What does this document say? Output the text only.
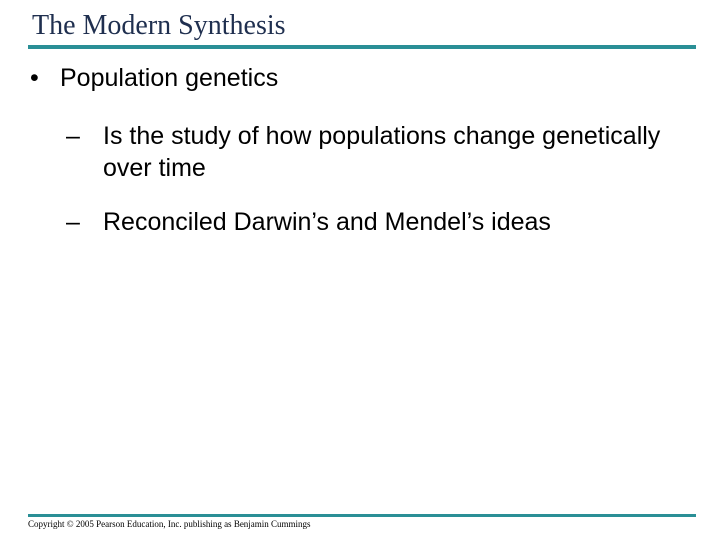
The Modern Synthesis
• Population genetics
– Is the study of how populations change genetically over time
– Reconciled Darwin’s and Mendel’s ideas
Copyright © 2005 Pearson Education, Inc. publishing as Benjamin Cummings
